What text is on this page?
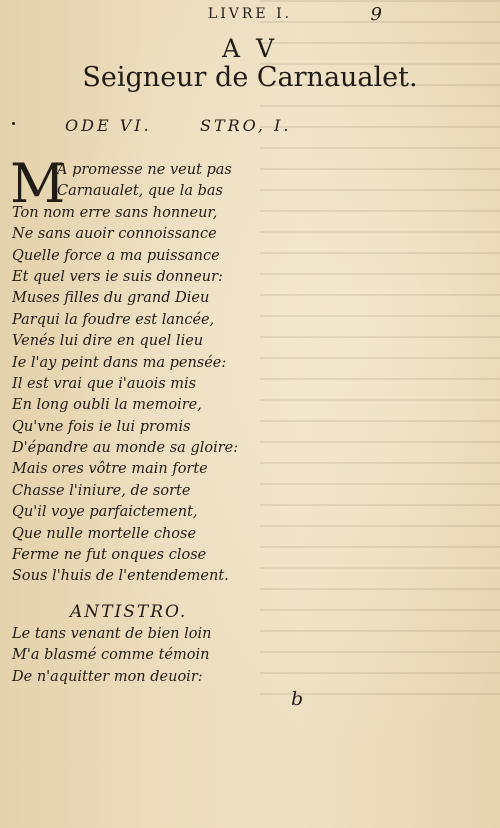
LIVRE I.	9
A V
Seigneur de Carnaualet.
ODE VI.	STRO, I.
M
A promesse ne veut pas
Carnaualet, que la bas
Ton nom erre sans honneur,
Ne sans auoir connoissance
Quelle force a ma puissance
Et quel vers ie suis donneur:
Muses filles du grand Dieu
Parqui la foudre est lancée,
Venés lui dire en quel lieu
Ie l'ay peint dans ma pensée:
Il est vrai que i'auois mis
En long oubli la memoire,
Qu'vne fois ie lui promis
D'épandre au monde sa gloire:
Mais ores vôtre main forte
Chasse l'iniure, de sorte
Qu'il voye parfaictement,
Que nulle mortelle chose
Ferme ne fut onques close
Sous l'huis de l'entendement.
ANTISTRO.
Le tans venant de bien loin
M'a blasmé comme témoin
De n'aquitter mon deuoir:
b
